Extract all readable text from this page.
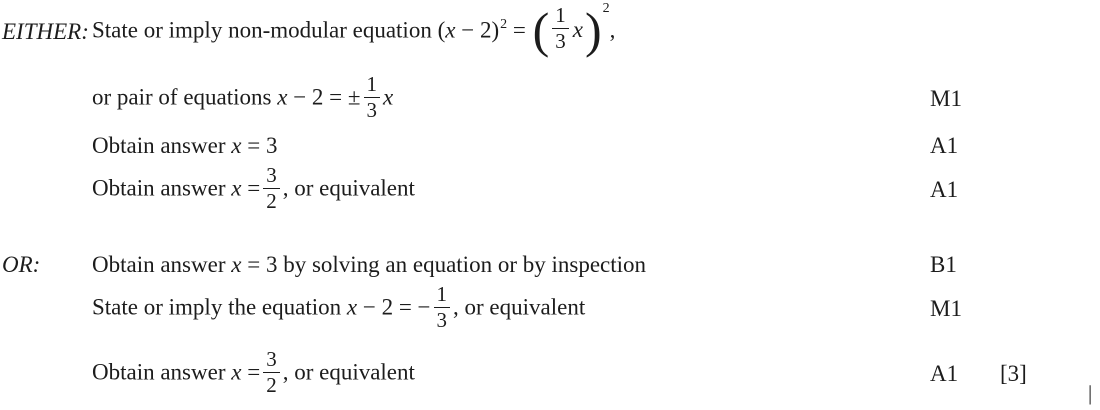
EITHER: State or imply non-modular equation $(x - 2)^2$ = ( $\frac{1}{3}$ x ) 2
,
or pair of equations x − 2 = ± $\frac{1}{3}$ x	M1
Obtain answer x = 3	A1
Obtain answer $x = \frac{3}{2}$ , or equivalent	A1
OR: Obtain answer x = 3 by solving an equation or by inspection	B1
State or imply the equation x − 2 = − $\frac{1}{3}$ , or equivalent	M1
Obtain answer $x = \frac{3}{2}$ , or equivalent	A1 [3]
|
